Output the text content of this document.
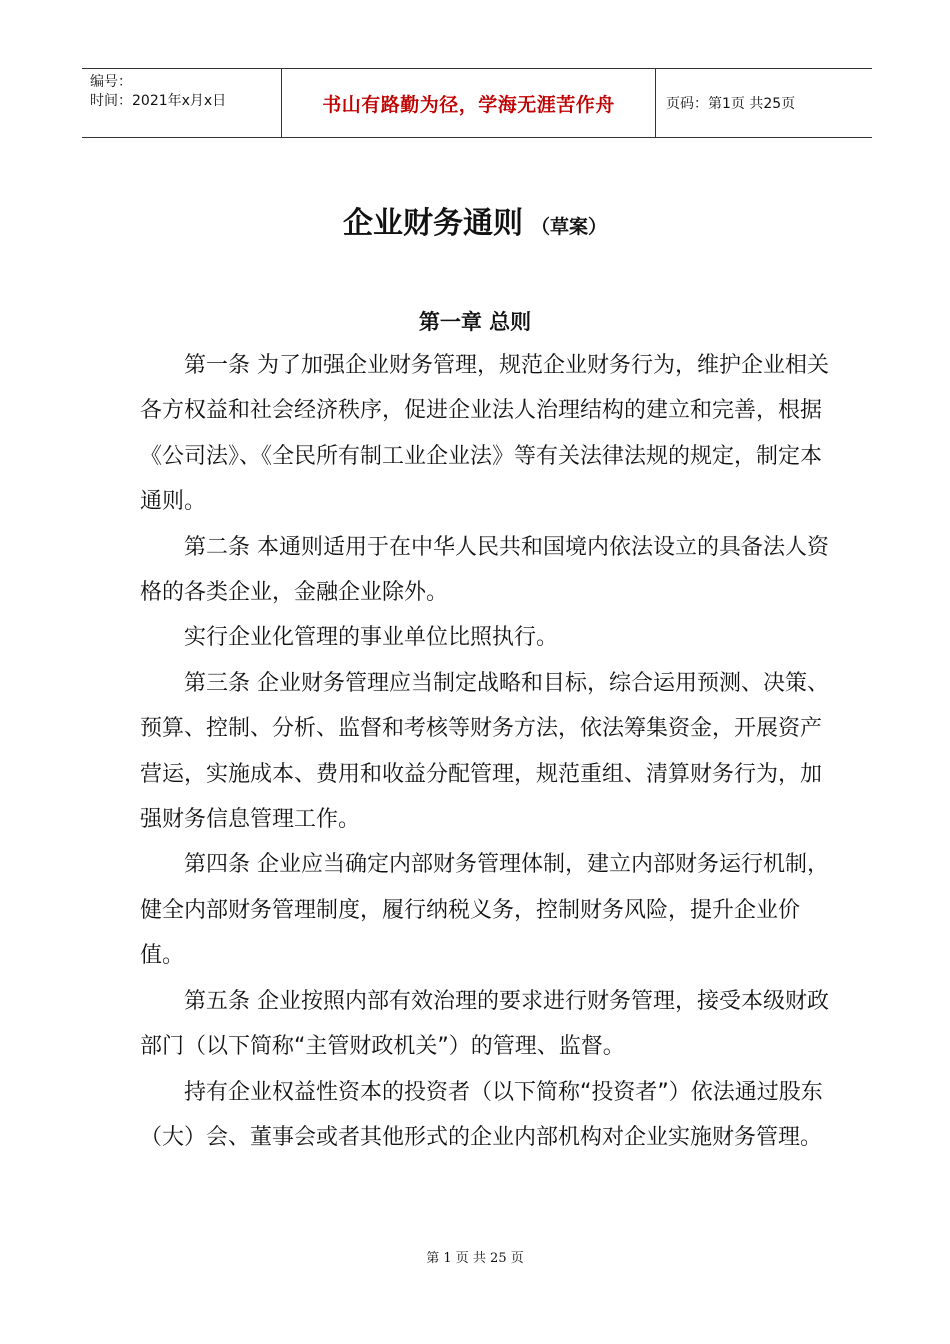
编号：
时间：2021年x月x日	书山有路勤为径，学海无涯苦作舟	页码：第1页 共25页
企业财务通则 （草案）
第一章 总则

第一条 为了加强企业财务管理，规范企业财务行为，维护企业相关各方权益和社会经济秩序，促进企业法人治理结构的建立和完善，根据《公司法》、《全民所有制工业企业法》等有关法律法规的规定，制定本通则。

第二条 本通则适用于在中华人民共和国境内依法设立的具备法人资格的各类企业，金融企业除外。

实行企业化管理的事业单位比照执行。

第三条 企业财务管理应当制定战略和目标，综合运用预测、决策、预算、控制、分析、监督和考核等财务方法，依法筹集资金，开展资产营运，实施成本、费用和收益分配管理，规范重组、清算财务行为，加强财务信息管理工作。

第四条 企业应当确定内部财务管理体制，建立内部财务运行机制，健全内部财务管理制度，履行纳税义务，控制财务风险，提升企业价值。

第五条 企业按照内部有效治理的要求进行财务管理，接受本级财政部门（以下简称“主管财政机关”）的管理、监督。

持有企业权益性资本的投资者（以下简称“投资者”）依法通过股东（大）会、董事会或者其他形式的企业内部机构对企业实施财务管理。

第 1 页 共 25 页
